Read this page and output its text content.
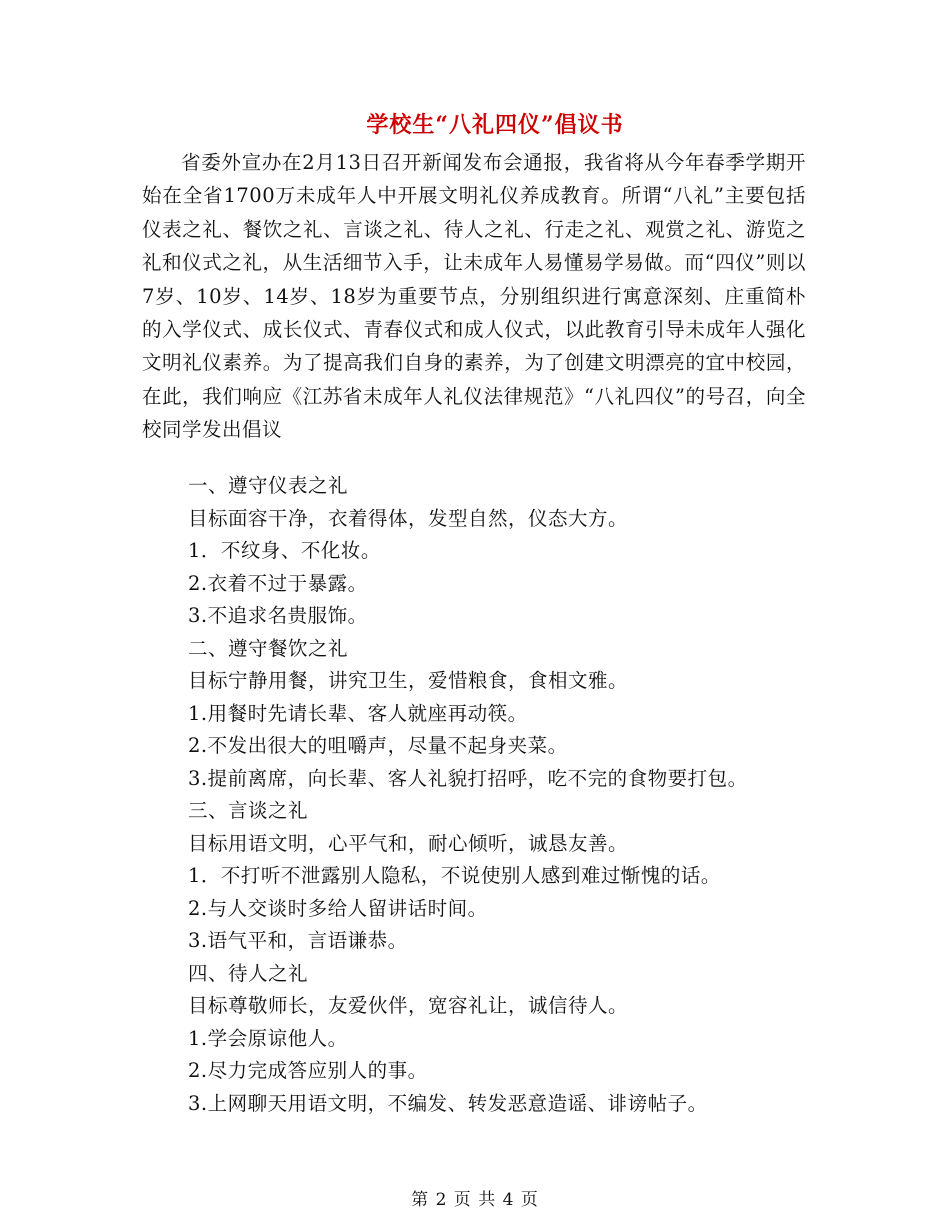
学校生“八礼四仪”倡议书

省委外宣办在2月13日召开新闻发布会通报，我省将从今年春季学期开始在全省1700万未成年人中开展文明礼仪养成教育。所谓“八礼”主要包括仪表之礼、餐饮之礼、言谈之礼、待人之礼、行走之礼、观赏之礼、游览之礼和仪式之礼，从生活细节入手，让未成年人易懂易学易做。而“四仪”则以7岁、10岁、14岁、18岁为重要节点，分别组织进行寓意深刻、庄重简朴的入学仪式、成长仪式、青春仪式和成人仪式，以此教育引导未成年人强化文明礼仪素养。为了提高我们自身的素养，为了创建文明漂亮的宜中校园，在此，我们响应《江苏省未成年人礼仪法律规范》“八礼四仪”的号召，向全校同学发出倡议

一、遵守仪表之礼
目标面容干净，衣着得体，发型自然，仪态大方。
1．不纹身、不化妆。
2.衣着不过于暴露。
3.不追求名贵服饰。
二、遵守餐饮之礼
目标宁静用餐，讲究卫生，爱惜粮食，食相文雅。
1.用餐时先请长辈、客人就座再动筷。
2.不发出很大的咀嚼声，尽量不起身夹菜。
3.提前离席，向长辈、客人礼貌打招呼，吃不完的食物要打包。
三、言谈之礼
目标用语文明，心平气和，耐心倾听，诚恳友善。
1．不打听不泄露别人隐私，不说使别人感到难过惭愧的话。
2.与人交谈时多给人留讲话时间。
3.语气平和，言语谦恭。
四、待人之礼
目标尊敬师长，友爱伙伴，宽容礼让，诚信待人。
1.学会原谅他人。
2.尽力完成答应别人的事。
3.上网聊天用语文明，不编发、转发恶意造谣、诽谤帖子。
第 2 页 共 4 页
